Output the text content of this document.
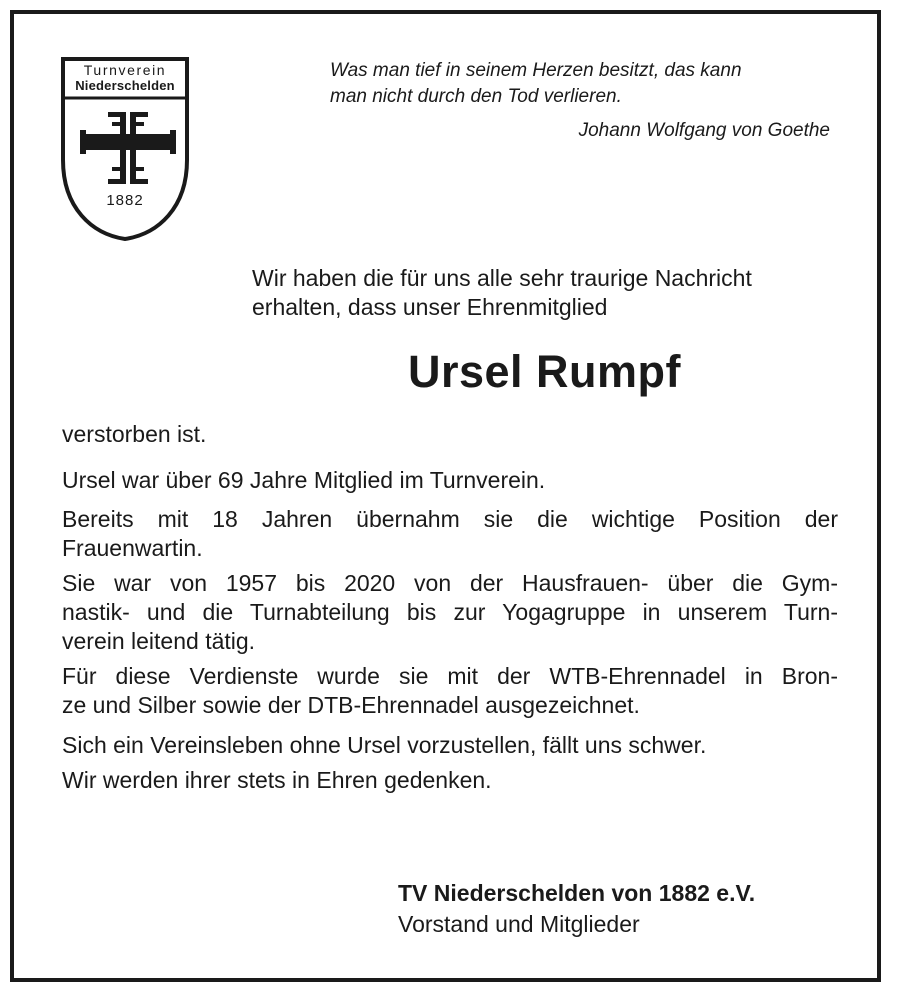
Turnverein
Niederschelden
1882
Was man tief in seinem Herzen besitzt, das kann
man nicht durch den Tod verlieren.
Johann Wolfgang von Goethe
Wir haben die für uns alle sehr traurige Nachricht
erhalten, dass unser Ehrenmitglied
Ursel Rumpf
verstorben ist.
Ursel war über 69 Jahre Mitglied im Turnverein.
Bereits mit 18 Jahren übernahm sie die wichtige Position der
Frauenwartin.
Sie war von 1957 bis 2020 von der Hausfrauen- über die Gym-
nastik- und die Turnabteilung bis zur Yogagruppe in unserem Turn-
verein leitend tätig.
Für diese Verdienste wurde sie mit der WTB-Ehrennadel in Bron-
ze und Silber sowie der DTB-Ehrennadel ausgezeichnet.
Sich ein Vereinsleben ohne Ursel vorzustellen, fällt uns schwer.
Wir werden ihrer stets in Ehren gedenken.
TV Niederschelden von 1882 e.V.
Vorstand und Mitglieder
